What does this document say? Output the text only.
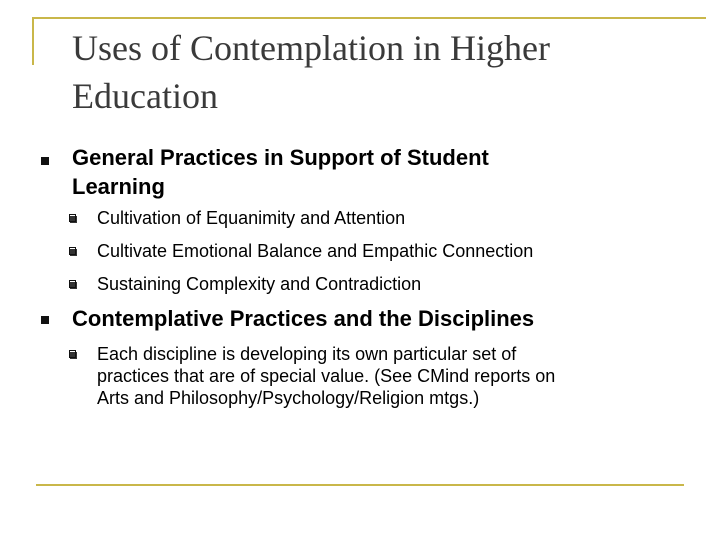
Uses of Contemplation in Higher
Education

General Practices in Support of Student
Learning

Cultivation of Equanimity and Attention

Cultivate Emotional Balance and Empathic Connection

Sustaining Complexity and Contradiction

Contemplative Practices and the Disciplines

Each discipline is developing its own particular set of
practices that are of special value. (See CMind reports on
Arts and Philosophy/Psychology/Religion mtgs.)
